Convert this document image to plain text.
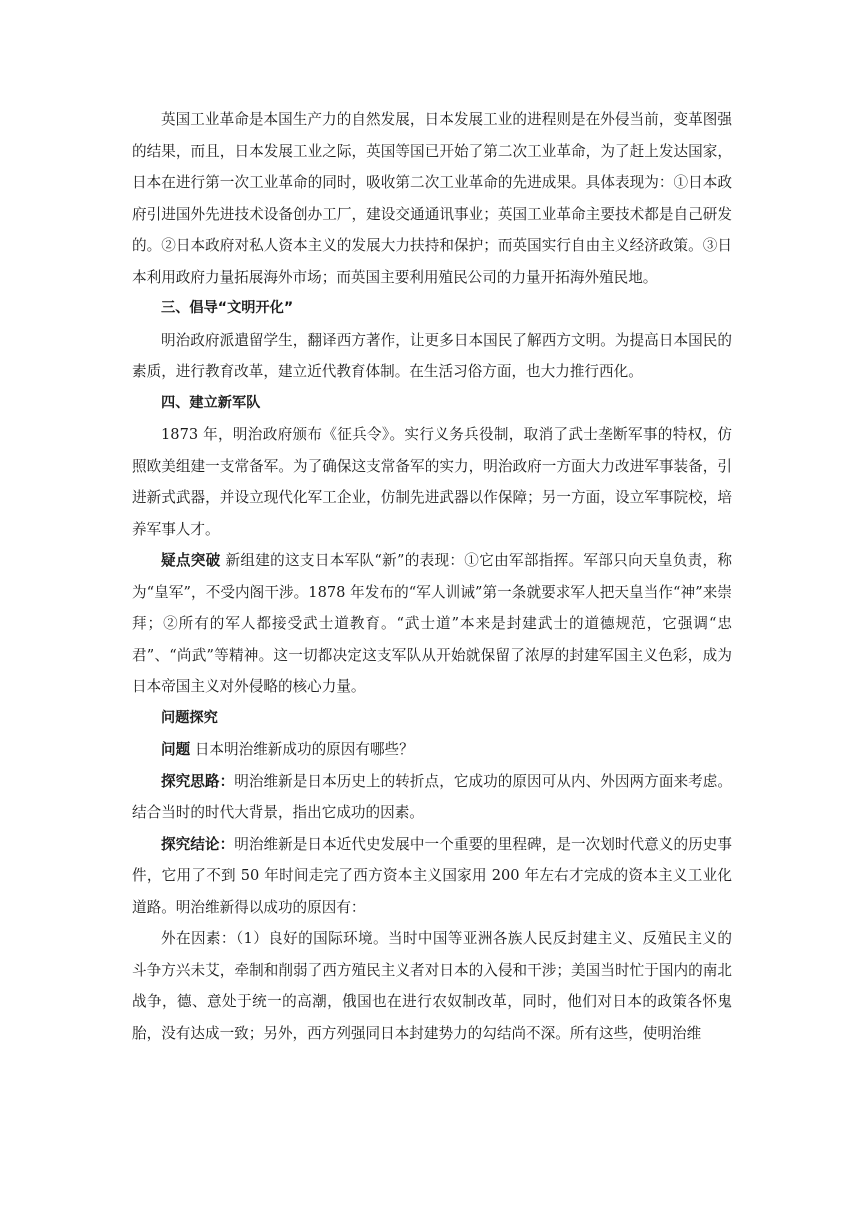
英国工业革命是本国生产力的自然发展，日本发展工业的进程则是在外侵当前，变革图强的结果，而且，日本发展工业之际，英国等国已开始了第二次工业革命，为了赶上发达国家，日本在进行第一次工业革命的同时，吸收第二次工业革命的先进成果。具体表现为：①日本政府引进国外先进技术设备创办工厂，建设交通通讯事业；英国工业革命主要技术都是自己研发的。②日本政府对私人资本主义的发展大力扶持和保护；而英国实行自由主义经济政策。③日本利用政府力量拓展海外市场；而英国主要利用殖民公司的力量开拓海外殖民地。

三、倡导“文明开化”

明治政府派遣留学生，翻译西方著作，让更多日本国民了解西方文明。为提高日本国民的素质，进行教育改革，建立近代教育体制。在生活习俗方面，也大力推行西化。

四、建立新军队

1873 年，明治政府颁布《征兵令》。实行义务兵役制，取消了武士垄断军事的特权，仿照欧美组建一支常备军。为了确保这支常备军的实力，明治政府一方面大力改进军事装备，引进新式武器，并设立现代化军工企业，仿制先进武器以作保障；另一方面，设立军事院校，培养军事人才。

疑点突破 新组建的这支日本军队“新”的表现：①它由军部指挥。军部只向天皇负责，称为“皇军”，不受内阁干涉。1878 年发布的“军人训诫”第一条就要求军人把天皇当作“神”来崇拜；②所有的军人都接受武士道教育。“武士道”本来是封建武士的道德规范，它强调“忠君”、“尚武”等精神。这一切都决定这支军队从开始就保留了浓厚的封建军国主义色彩，成为日本帝国主义对外侵略的核心力量。

问题探究

问题 日本明治维新成功的原因有哪些？

探究思路：明治维新是日本历史上的转折点，它成功的原因可从内、外因两方面来考虑。结合当时的时代大背景，指出它成功的因素。

探究结论：明治维新是日本近代史发展中一个重要的里程碑，是一次划时代意义的历史事件，它用了不到 50 年时间走完了西方资本主义国家用 200 年左右才完成的资本主义工业化道路。明治维新得以成功的原因有：

外在因素：（1）良好的国际环境。当时中国等亚洲各族人民反封建主义、反殖民主义的斗争方兴未艾，牵制和削弱了西方殖民主义者对日本的入侵和干涉；美国当时忙于国内的南北战争，德、意处于统一的高潮，俄国也在进行农奴制改革，同时，他们对日本的政策各怀鬼胎，没有达成一致；另外，西方列强同日本封建势力的勾结尚不深。所有这些，使明治维
